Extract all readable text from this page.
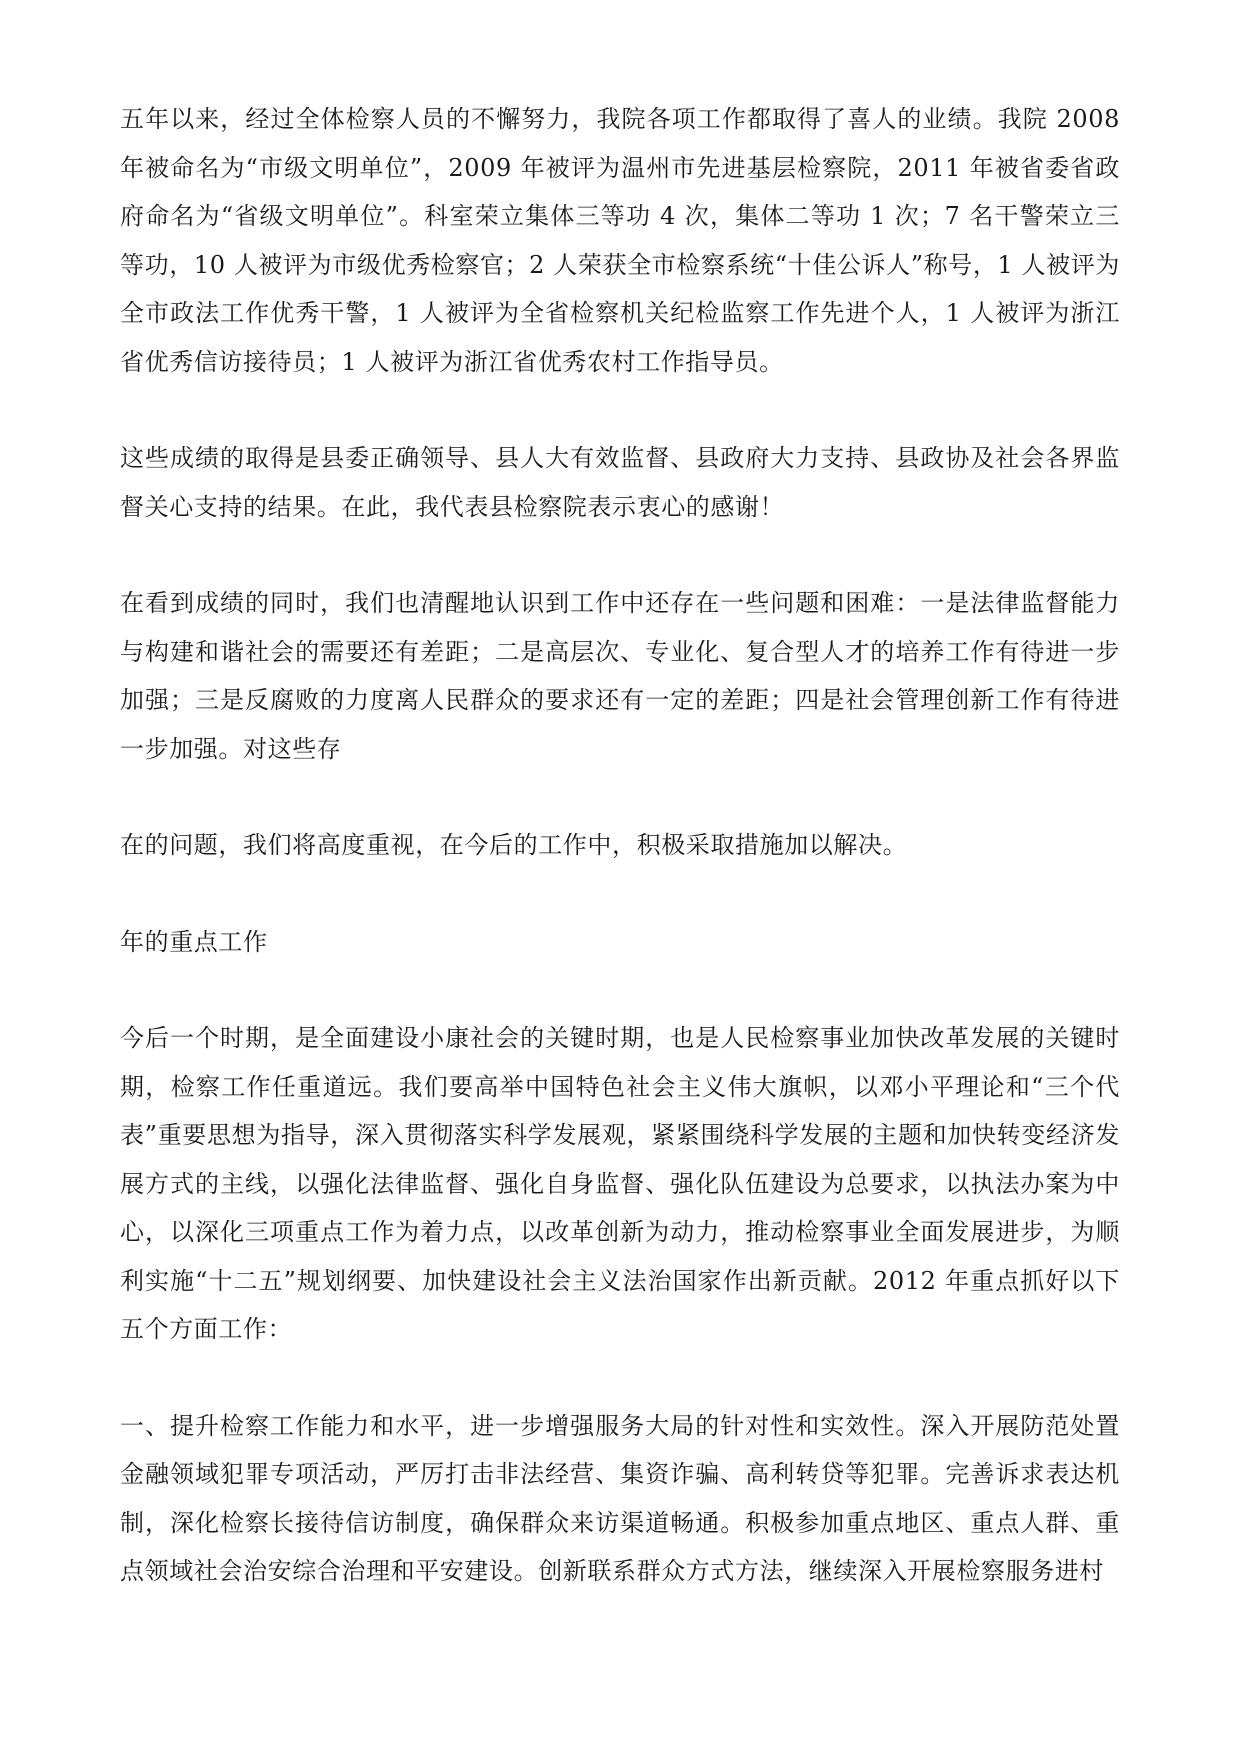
五年以来，经过全体检察人员的不懈努力，我院各项工作都取得了喜人的业绩。我院 2008 年被命名为“市级文明单位”，2009 年被评为温州市先进基层检察院，2011 年被省委省政府命名为“省级文明单位”。科室荣立集体三等功 4 次，集体二等功 1 次；7 名干警荣立三等功，10 人被评为市级优秀检察官；2 人荣获全市检察系统“十佳公诉人”称号，1 人被评为全市政法工作优秀干警，1 人被评为全省检察机关纪检监察工作先进个人，1 人被评为浙江省优秀信访接待员；1 人被评为浙江省优秀农村工作指导员。

这些成绩的取得是县委正确领导、县人大有效监督、县政府大力支持、县政协及社会各界监督关心支持的结果。在此，我代表县检察院表示衷心的感谢！

在看到成绩的同时，我们也清醒地认识到工作中还存在一些问题和困难：一是法律监督能力与构建和谐社会的需要还有差距；二是高层次、专业化、复合型人才的培养工作有待进一步加强；三是反腐败的力度离人民群众的要求还有一定的差距；四是社会管理创新工作有待进一步加强。对这些存

在的问题，我们将高度重视，在今后的工作中，积极采取措施加以解决。

年的重点工作

今后一个时期，是全面建设小康社会的关键时期，也是人民检察事业加快改革发展的关键时期，检察工作任重道远。我们要高举中国特色社会主义伟大旗帜，以邓小平理论和“三个代表”重要思想为指导，深入贯彻落实科学发展观，紧紧围绕科学发展的主题和加快转变经济发展方式的主线，以强化法律监督、强化自身监督、强化队伍建设为总要求，以执法办案为中心，以深化三项重点工作为着力点，以改革创新为动力，推动检察事业全面发展进步，为顺利实施“十二五”规划纲要、加快建设社会主义法治国家作出新贡献。2012 年重点抓好以下五个方面工作：

一、提升检察工作能力和水平，进一步增强服务大局的针对性和实效性。深入开展防范处置金融领域犯罪专项活动，严厉打击非法经营、集资诈骗、高利转贷等犯罪。完善诉求表达机制，深化检察长接待信访制度，确保群众来访渠道畅通。积极参加重点地区、重点人群、重点领域社会治安综合治理和平安建设。创新联系群众方式方法，继续深入开展检察服务进村
